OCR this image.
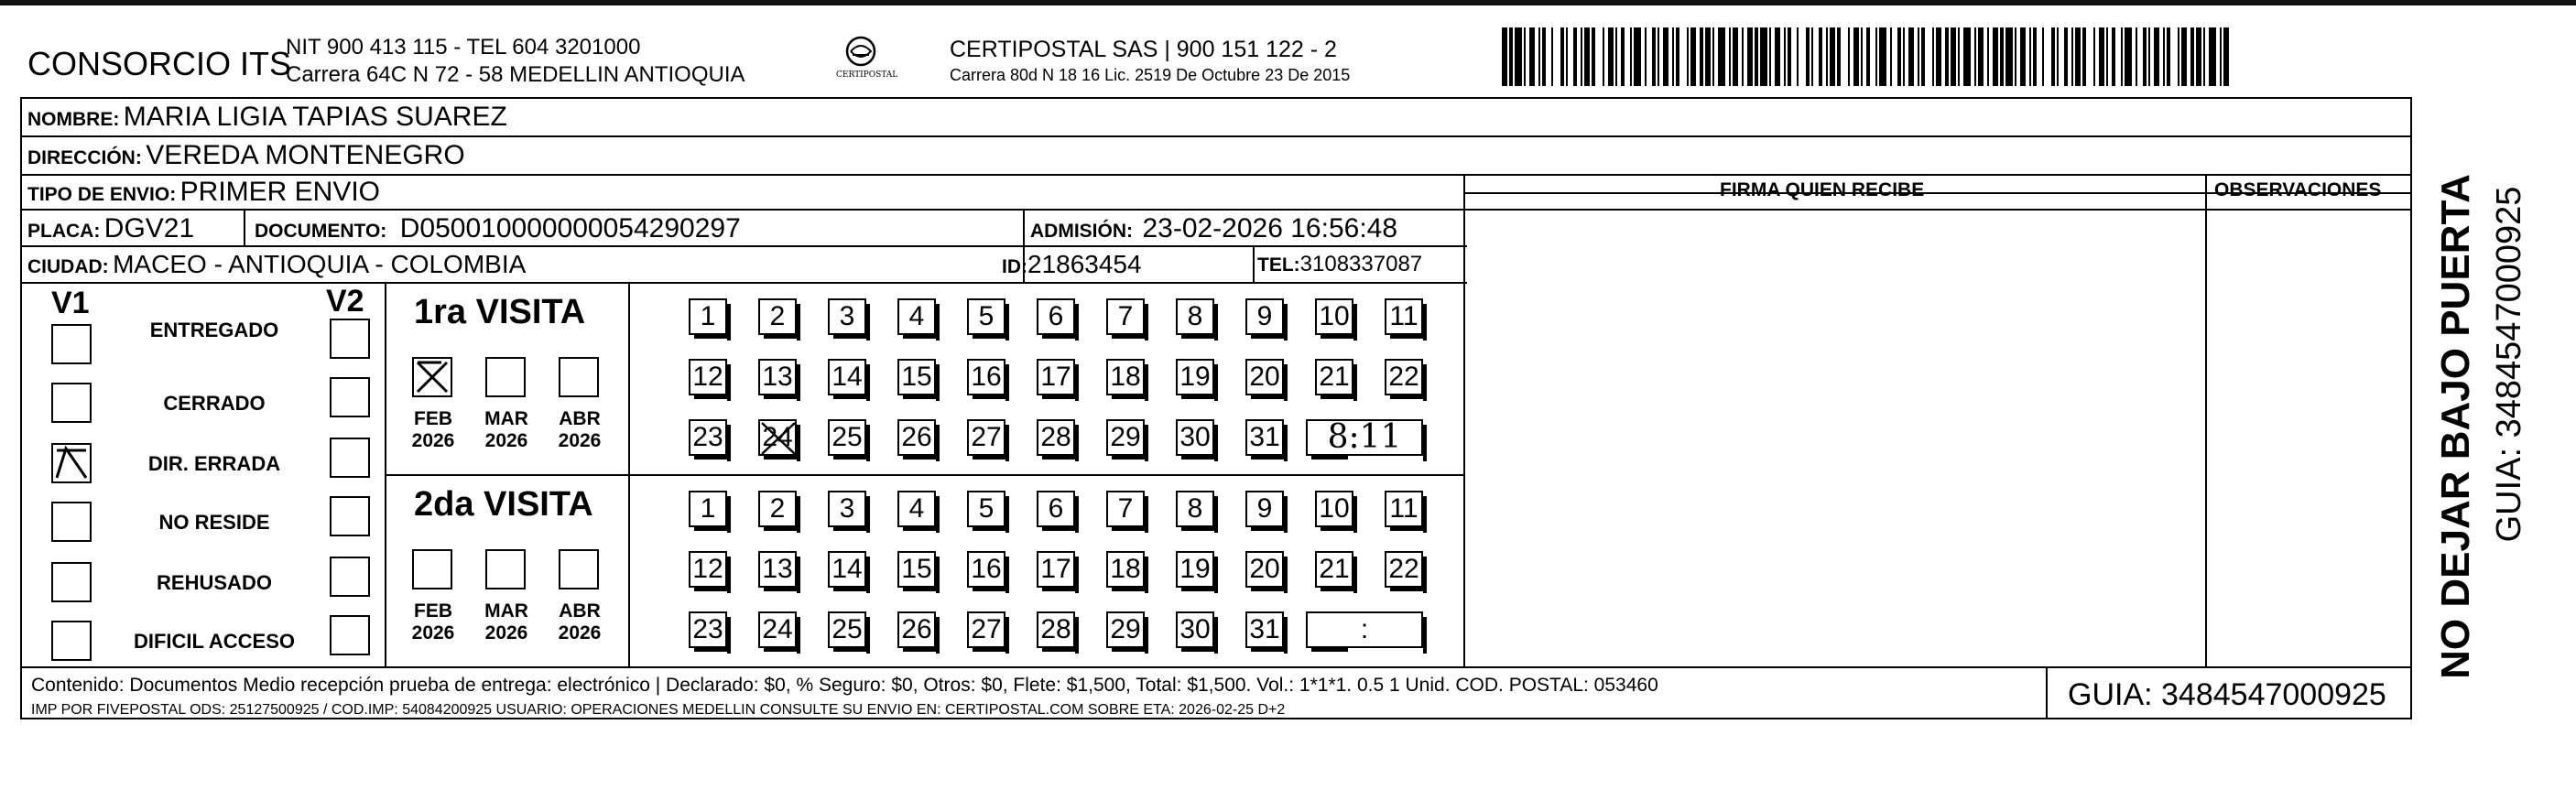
CONSORCIO ITS
NIT 900 413 115 - TEL 604 3201000
Carrera 64C N 72 - 58 MEDELLIN ANTIOQUIA	CERTIPOSTAL
CERTIPOSTAL SAS | 900 151 122 - 2
Carrera 80d N 18 16 Lic. 2519 De Octubre 23 De 2015
NOMBRE: MARIA LIGIA TAPIAS SUAREZ
DIRECCIÓN: VEREDA MONTENEGRO
TIPO DE ENVIO: PRIMER ENVIO
PLACA: DGV21	DOCUMENTO: D050010000000054290297	ADMISIÓN: 23-02-2026 16:56:48
CIUDAD: MACEO - ANTIOQUIA - COLOMBIA	ID:21863454	TEL:3108337087
FIRMA QUIEN RECIBE	OBSERVACIONES
V1	V2
ENTREGADO
CERRADO
DIR. ERRADA
NO RESIDE
REHUSADO
DIFICIL ACCESO
1ra VISITA
FEB
2026
MAR
2026
ABR
2026
1	2	3	4	5	6	7	8	9	10 11
12 13 14 15 16 17 18 19 20 21 22
23 24 25 26 27 28 29 30 31	8:11
2da VISITA
FEB
2026
MAR
2026
ABR
2026
1	2	3	4	5	6	7	8	9	10 11
12 13 14 15 16 17 18 19 20 21 22
23 24 25 26 27 28 29 30 31	:
Contenido: Documentos Medio recepción prueba de entrega: electrónico | Declarado: $0, % Seguro: $0, Otros: $0, Flete: $1,500, Total: $1,500. Vol.: 1*1*1. 0.5 1 Unid. COD. POSTAL: 053460
IMP POR FIVEPOSTAL ODS: 25127500925 / COD.IMP: 54084200925 USUARIO: OPERACIONES MEDELLIN CONSULTE SU ENVIO EN: CERTIPOSTAL.COM SOBRE ETA: 2026-02-25 D+2	GUIA: 3484547000925
NO DEJAR BAJO PUERTA GUIA: 3484547000925
